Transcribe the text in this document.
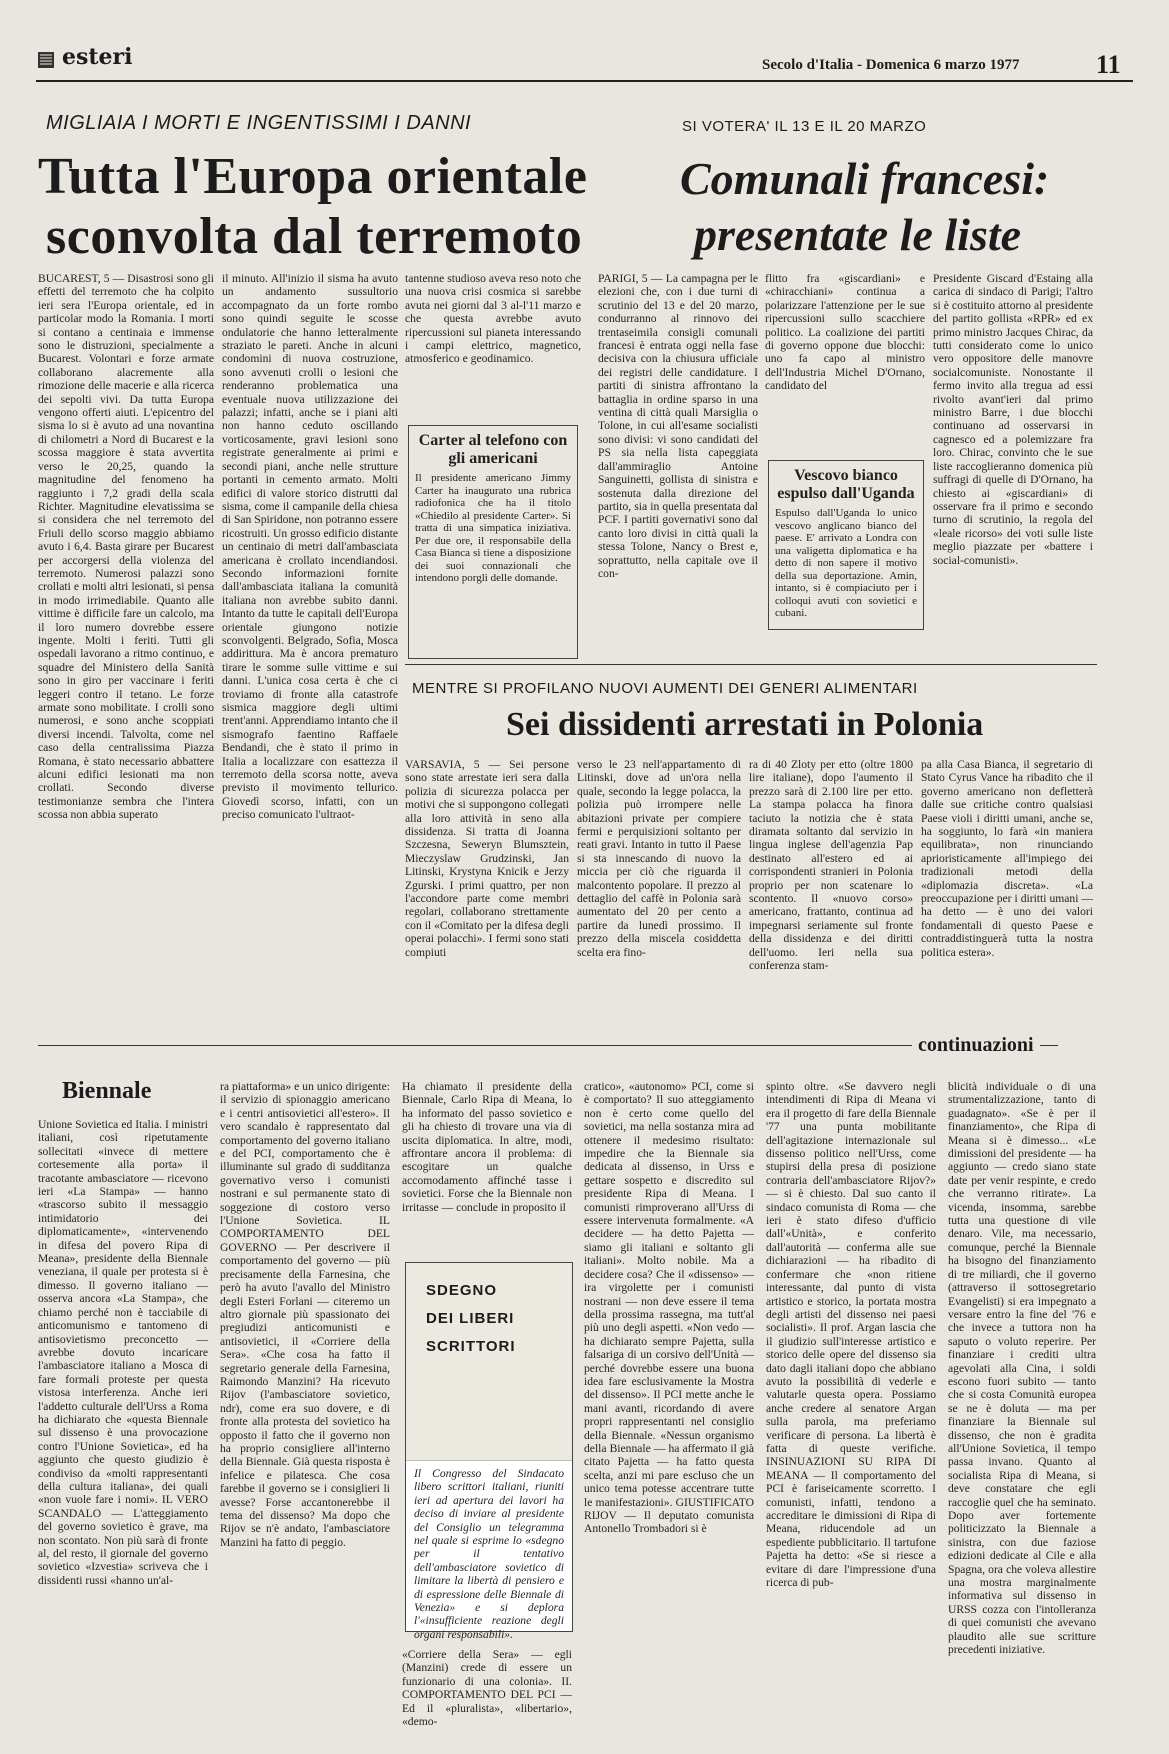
esteri	Secolo d'Italia - Domenica 6 marzo 1977	11
MIGLIAIA I MORTI E INGENTISSIMI I DANNI
Tutta l'Europa orientale
sconvolta dal terremoto
BUCAREST, 5 — Disastrosi sono gli effetti del terremoto che ha colpito ieri sera l'Europa orientale, ed in particolar modo la Romania. I morti si contano a centinaia e immense sono le distruzioni, specialmente a Bucarest. Volontari e forze armate collaborano alacremente alla rimozione delle macerie e alla ricerca dei sepolti vivi. Da tutta Europa vengono offerti aiuti. L'epicentro del sisma lo si è avuto ad una novantina di chilometri a Nord di Bucarest e la scossa maggiore è stata avvertita verso le 20,25, quando la magnitudine del fenomeno ha raggiunto i 7,2 gradi della scala Richter. Magnitudine elevatissima se si considera che nel terremoto del Friuli dello scorso maggio abbiamo avuto i 6,4. Basta girare per Bucarest per accorgersi della violenza del terremoto. Numerosi palazzi sono crollati e molti altri lesionati, si pensa in modo irrimediabile. Quanto alle vittime è difficile fare un calcolo, ma il loro numero dovrebbe essere ingente. Molti i feriti. Tutti gli ospedali lavorano a ritmo continuo, e squadre del Ministero della Sanità sono in giro per vaccinare i feriti leggeri contro il tetano. Le forze armate sono mobilitate. I crolli sono numerosi, e sono anche scoppiati diversi incendi. Talvolta, come nel caso della centralissima Piazza Romana, è stato necessario abbattere alcuni edifici lesionati ma non crollati. Secondo diverse testimonianze sembra che l'intera scossa non abbia superato
il minuto. All'inizio il sisma ha avuto un andamento sussultorio accompagnato da un forte rombo sono quindi seguite le scosse ondulatorie che hanno letteralmente straziato le pareti. Anche in alcuni condomini di nuova costruzione, sono avvenuti crolli o lesioni che renderanno problematica una eventuale nuova utilizzazione dei palazzi; infatti, anche se i piani alti non hanno ceduto oscillando vorticosamente, gravi lesioni sono registrate generalmente ai primi e secondi piani, anche nelle strutture portanti in cemento armato. Molti edifici di valore storico distrutti dal sisma, come il campanile della chiesa di San Spiridone, non potranno essere ricostruiti. Un grosso edificio distante un centinaio di metri dall'ambasciata americana è crollato incendiandosi. Secondo informazioni fornite dall'ambasciata italiana la comunità italiana non avrebbe subito danni. Intanto da tutte le capitali dell'Europa orientale giungono notizie sconvolgenti. Belgrado, Sofia, Mosca addirittura. Ma è ancora prematuro tirare le somme sulle vittime e sui danni. L'unica cosa certa è che ci troviamo di fronte alla catastrofe sismica maggiore degli ultimi trent'anni. Apprendiamo intanto che il sismografo faentino Raffaele Bendandi, che è stato il primo in Italia a localizzare con esattezza il terremoto della scorsa notte, aveva previsto il movimento tellurico. Giovedì scorso, infatti, con un preciso comunicato l'ultraot-
tantenne studioso aveva reso noto che una nuova crisi cosmica si sarebbe avuta nei giorni dal 3 al-l'11 marzo e che questa avrebbe avuto ripercussioni sul pianeta interessando i campi elettrico, magnetico, atmosferico e geodinamico.
Carter al telefono con gli americani

Il presidente americano Jimmy Carter ha inaugurato una rubrica radiofonica che ha il titolo «Chiedilo al presidente Carter». Si tratta di una simpatica iniziativa. Per due ore, il responsabile della Casa Bianca si tiene a disposizione dei suoi connazionali che intendono porgli delle domande.

SI VOTERA' IL 13 E IL 20 MARZO
Comunali francesi:
presentate le liste
PARIGI, 5 — La campagna per le elezioni che, con i due turni di scrutinio del 13 e del 20 marzo, condurranno al rinnovo dei trentaseimila consigli comunali francesi è entrata oggi nella fase decisiva con la chiusura ufficiale dei registri delle candidature. I partiti di sinistra affrontano la battaglia in ordine sparso in una ventina di città quali Marsiglia o Tolone, in cui all'esame socialisti sono divisi: vi sono candidati del PS sia nella lista capeggiata dall'ammiraglio Antoine Sanguinetti, gollista di sinistra e sostenuta dalla direzione del partito, sia in quella presentata dal PCF. I partiti governativi sono dal canto loro divisi in città quali la stessa Tolone, Nancy o Brest e, soprattutto, nella capitale ove il con-
flitto fra «giscardiani» e «chiracchiani» continua a polarizzare l'attenzione per le sue ripercussioni sullo scacchiere politico. La coalizione dei partiti di governo oppone due blocchi: uno fa capo al ministro dell'Industria Michel D'Ornano, candidato del
Presidente Giscard d'Estaing alla carica di sindaco di Parigi; l'altro si è costituito attorno al presidente del partito gollista «RPR» ed ex primo ministro Jacques Chirac, da tutti considerato come lo unico vero oppositore delle manovre socialcomuniste. Nonostante il fermo invito alla tregua ad essi rivolto avant'ieri dal primo ministro Barre, i due blocchi continuano ad osservarsi in cagnesco ed a polemizzare fra loro. Chirac, convinto che le sue liste raccoglieranno domenica più suffragi di quelle di D'Ornano, ha chiesto ai «giscardiani» di osservare fra il primo e secondo turno di scrutinio, la regola del «leale ricorso» dei voti sulle liste meglio piazzate per «battere i social-comunisti».
Vescovo bianco espulso dall'Uganda

Espulso dall'Uganda lo unico vescovo anglicano bianco del paese. E' arrivato a Londra con una valigetta diplomatica e ha detto di non sapere il motivo della sua deportazione. Amin, intanto, si è compiaciuto per i colloqui avuti con sovietici e cubani.

MENTRE SI PROFILANO NUOVI AUMENTI DEI GENERI ALIMENTARI
Sei dissidenti arrestati in Polonia
VARSAVIA, 5 — Sei persone sono state arrestate ieri sera dalla polizia di sicurezza polacca per motivi che si suppongono collegati alla loro attività in seno alla dissidenza. Si tratta di Joanna Szczesna, Seweryn Blumsztein, Mieczyslaw Grudzinski, Jan Litinski, Krystyna Knicik e Jerzy Zgurski. I primi quattro, per non l'accondore parte come membri regolari, collaborano strettamente con il «Comitato per la difesa degli operai polacchi». I fermi sono stati compiuti
verso le 23 nell'appartamento di Litinski, dove ad un'ora nella quale, secondo la legge polacca, la polizia può irrompere nelle abitazioni private per compiere fermi e perquisizioni soltanto per reati gravi. Intanto in tutto il Paese si sta innescando di nuovo la miccia per ciò che riguarda il malcontento popolare. Il prezzo al dettaglio del caffè in Polonia sarà aumentato del 20 per cento a partire da lunedì prossimo. Il prezzo della miscela cosiddetta scelta era fino-
ra di 40 Zloty per etto (oltre 1800 lire italiane), dopo l'aumento il prezzo sarà di 2.100 lire per etto. La stampa polacca ha finora taciuto la notizia che è stata diramata soltanto dal servizio in lingua inglese dell'agenzia Pap destinato all'estero ed ai corrispondenti stranieri in Polonia proprio per non scatenare lo scontento. Il «nuovo corso» americano, frattanto, continua ad impegnarsi seriamente sul fronte della dissidenza e dei diritti dell'uomo. Ieri nella sua conferenza stam-
pa alla Casa Bianca, il segretario di Stato Cyrus Vance ha ribadito che il governo americano non defletterà dalle sue critiche contro qualsiasi Paese violi i diritti umani, anche se, ha soggiunto, lo farà «in maniera equilibrata», non rinunciando aprioristicamente all'impiego dei tradizionali metodi della «diplomazia discreta». «La preoccupazione per i diritti umani — ha detto — è uno dei valori fondamentali di questo Paese e contraddistinguerà tutta la nostra politica estera».
continuazioni
Biennale
Unione Sovietica ed Italia. I ministri italiani, così ripetutamente sollecitati «invece di mettere cortesemente alla porta» il tracotante ambasciatore — ricevono ieri «La Stampa» — hanno «trascorso subito il messaggio intimidatorio dei diplomaticamente», «intervenendo in difesa del povero Ripa di Meana», presidente della Biennale veneziana, il quale per protesta si è dimesso. Il governo italiano — osserva ancora «La Stampa», che chiamo perché non è tacciabile di anticomunismo e tantomeno di antisovietismo preconcetto — avrebbe dovuto incaricare l'ambasciatore italiano a Mosca di fare formali proteste per questa vistosa interferenza. Anche ieri l'addetto culturale dell'Urss a Roma ha dichiarato che «questa Biennale sul dissenso è una provocazione contro l'Unione Sovietica», ed ha aggiunto che questo giudizio è condiviso da «molti rappresentanti della cultura italiana», dei quali «non vuole fare i nomi». IL VERO SCANDALO — L'atteggiamento del governo sovietico è grave, ma non scontato. Non più sarà di fronte al, del resto, il giornale del governo sovietico «Izvestia» scriveva che i dissidenti russi «hanno un'al-
ra piattaforma» e un unico dirigente: il servizio di spionaggio americano e i centri antisovietici all'estero». Il vero scandalo è rappresentato dal comportamento del governo italiano e del PCI, comportamento che è illuminante sul grado di sudditanza governativo verso i comunisti nostrani e sul permanente stato di soggezione di costoro verso l'Unione Sovietica. IL COMPORTAMENTO DEL GOVERNO — Per descrivere il comportamento del governo — più precisamente della Farnesina, che però ha avuto l'avallo del Ministro degli Esteri Forlani — citeremo un altro giornale più spassionato dei pregiudizi anticomunisti e antisovietici, il «Corriere della Sera». «Che cosa ha fatto il segretario generale della Farnesina, Raimondo Manzini? Ha ricevuto Rijov (l'ambasciatore sovietico, ndr), come era suo dovere, e di fronte alla protesta del sovietico ha opposto il fatto che il governo non ha proprio consigliere all'interno della Biennale. Già questa risposta è infelice e pilatesca. Che cosa farebbe il governo se i consiglieri li avesse? Forse accantonerebbe il tema del dissenso? Ma dopo che Rijov se n'è andato, l'ambasciatore Manzini ha fatto di peggio.
Ha chiamato il presidente della Biennale, Carlo Ripa di Meana, lo ha informato del passo sovietico e gli ha chiesto di trovare una via di uscita diplomatica. In altre, modi, affrontare ancora il problema: di escogitare un qualche accomodamento affinché tasse i sovietici. Forse che la Biennale non irritasse — conclude in proposito il
SDEGNO
DEI LIBERI
SCRITTORI
Il Congresso del Sindacato libero scrittori italiani, riuniti ieri ad apertura dei lavori ha deciso di inviare al presidente del Consiglio un telegramma nel quale si esprime lo «sdegno per il tentativo dell'ambasciatore sovietico di limitare la libertà di pensiero e di espressione delle Biennale di Venezia» e si deplora l'«insufficiente reazione degli organi responsabili».
«Corriere della Sera» — egli (Manzini) crede di essere un funzionario di una colonia». II. COMPORTAMENTO DEL PCI — Ed il «pluralista», «libertario», «demo-
cratico», «autonomo» PCI, come si è comportato? Il suo atteggiamento non è certo come quello del sovietici, ma nella sostanza mira ad ottenere il medesimo risultato: impedire che la Biennale sia dedicata al dissenso, in Urss e gettare sospetto e discredito sul presidente Ripa di Meana. I comunisti rimproverano all'Urss di essere intervenuta formalmente. «A decidere — ha detto Pajetta — siamo gli italiani e soltanto gli italiani». Molto nobile. Ma a decidere cosa? Che il «dissenso» — ira virgolette per i comunisti nostrani — non deve essere il tema della prossima rassegna, ma tutt'al più uno degli aspetti. «Non vedo — ha dichiarato sempre Pajetta, sulla falsariga di un corsivo dell'Unità — perché dovrebbe essere una buona idea fare esclusivamente la Mostra del dissenso». Il PCI mette anche le mani avanti, ricordando di avere propri rappresentanti nel consiglio della Biennale. «Nessun organismo della Biennale — ha affermato il già citato Pajetta — ha fatto questa scelta, anzi mi pare escluso che un unico tema potesse accentrare tutte le manifestazioni». GIUSTIFICATO RIJOV — Il deputato comunista Antonello Trombadori si è
spinto oltre. «Se davvero negli intendimenti di Ripa di Meana vi era il progetto di fare della Biennale '77 una punta mobilitante dell'agitazione internazionale sul dissenso politico nell'Urss, come stupirsi della presa di posizione contraria dell'ambasciatore Rijov?» — si è chiesto. Dal suo canto il sindaco comunista di Roma — che ieri è stato difeso d'ufficio dall'«Unità», e conferito dall'autorità — conferma alle sue dichiarazioni — ha ribadito di confermare che «non ritiene interessante, dal punto di vista artistico e storico, la portata mostra degli artisti del dissenso nei paesi socialisti». Il prof. Argan lascia che il giudizio sull'interesse artistico e storico delle opere del dissenso sia dato dagli italiani dopo che abbiano avuto la possibilità di vederle e valutarle questa opera. Possiamo anche credere al senatore Argan sulla parola, ma preferiamo verificare di persona. La libertà è fatta di queste verifiche. INSINUAZIONI SU RIPA DI MEANA — Il comportamento del PCI è fariseicamente scorretto. I comunisti, infatti, tendono a accreditare le dimissioni di Ripa di Meana, riducendole ad un espediente pubblicitario. Il tartufone Pajetta ha detto: «Se si riesce a evitare di dare l'impressione d'una ricerca di pub-
blicità individuale o di una strumentalizzazione, tanto di guadagnato». «Se è per il finanziamento», che Ripa di Meana si è dimesso... «Le dimissioni del presidente — ha aggiunto — credo siano state date per venir respinte, e credo che verranno ritirate». La vicenda, insomma, sarebbe tutta una questione di vile denaro. Vile, ma necessario, comunque, perché la Biennale ha bisogno del finanziamento di tre miliardi, che il governo (attraverso il sottosegretario Evangelisti) si era impegnato a versare entro la fine del '76 e che invece a tuttora non ha saputo o voluto reperire. Per finanziare i crediti ultra agevolati alla Cina, i soldi escono fuori subito — tanto che si costa Comunità europea se ne è doluta — ma per finanziare la Biennale sul dissenso, che non è gradita all'Unione Sovietica, il tempo passa invano. Quanto al socialista Ripa di Meana, si deve constatare che egli raccoglie quel che ha seminato. Dopo aver fortemente politicizzato la Biennale a sinistra, con due faziose edizioni dedicate al Cile e alla Spagna, ora che voleva allestire una mostra marginalmente informativa sul dissenso in URSS cozza con l'intolleranza di quei comunisti che avevano plaudito alle sue scritture precedenti iniziative.
